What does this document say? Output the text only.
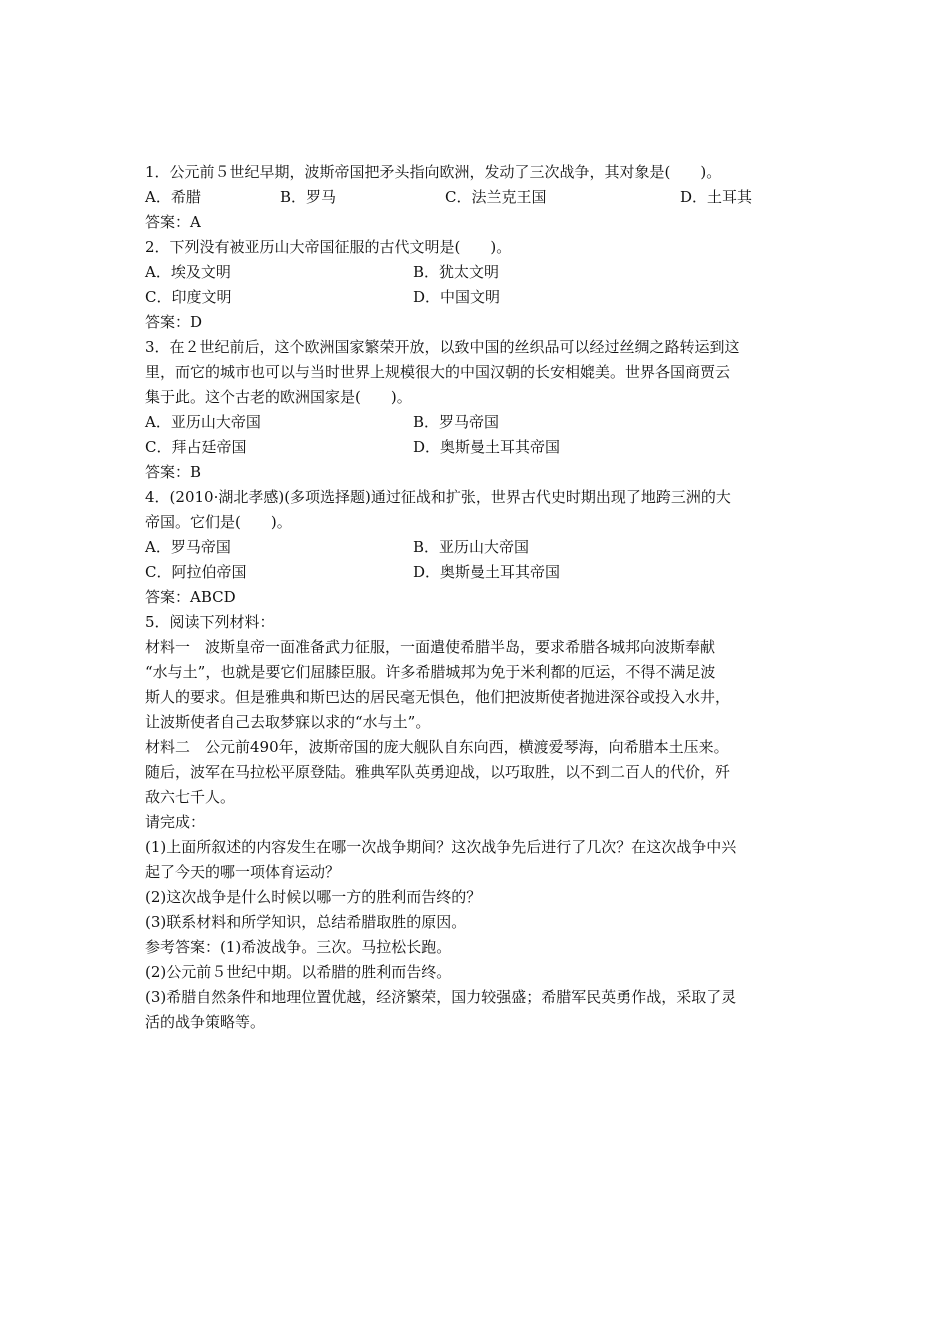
1．公元前５世纪早期，波斯帝国把矛头指向欧洲，发动了三次战争，其对象是(　　)。

A．希腊	B．罗马	C．法兰克王国	D．土耳其

答案：A

2．下列没有被亚历山大帝国征服的古代文明是(　　)。

A．埃及文明	B．犹太文明
C．印度文明	D．中国文明

答案：D

3．在２世纪前后，这个欧洲国家繁荣开放，以致中国的丝织品可以经过丝绸之路转运到这

里，而它的城市也可以与当时世界上规模很大的中国汉朝的长安相媲美。世界各国商贾云

集于此。这个古老的欧洲国家是(　　)。

A．亚历山大帝国	B．罗马帝国
C．拜占廷帝国	D．奥斯曼土耳其帝国

答案：B

4．(2010·湖北孝感)(多项选择题)通过征战和扩张，世界古代史时期出现了地跨三洲的大

帝国。它们是(　　)。

A．罗马帝国	B．亚历山大帝国
C．阿拉伯帝国	D．奥斯曼土耳其帝国

答案：ABCD

5．阅读下列材料：

材料一　波斯皇帝一面准备武力征服，一面遣使希腊半岛，要求希腊各城邦向波斯奉献

“水与土”，也就是要它们屈膝臣服。许多希腊城邦为免于米利都的厄运，不得不满足波

斯人的要求。但是雅典和斯巴达的居民毫无惧色，他们把波斯使者抛进深谷或投入水井，

让波斯使者自己去取梦寐以求的“水与土”。

材料二　公元前490年，波斯帝国的庞大舰队自东向西，横渡爱琴海，向希腊本土压来。

随后，波军在马拉松平原登陆。雅典军队英勇迎战，以巧取胜，以不到二百人的代价，歼

敌六七千人。

请完成：

(1)上面所叙述的内容发生在哪一次战争期间？这次战争先后进行了几次？在这次战争中兴

起了今天的哪一项体育运动？

(2)这次战争是什么时候以哪一方的胜利而告终的？

(3)联系材料和所学知识，总结希腊取胜的原因。

参考答案：(1)希波战争。三次。马拉松长跑。

(2)公元前５世纪中期。以希腊的胜利而告终。

(3)希腊自然条件和地理位置优越，经济繁荣，国力较强盛；希腊军民英勇作战，采取了灵

活的战争策略等。
